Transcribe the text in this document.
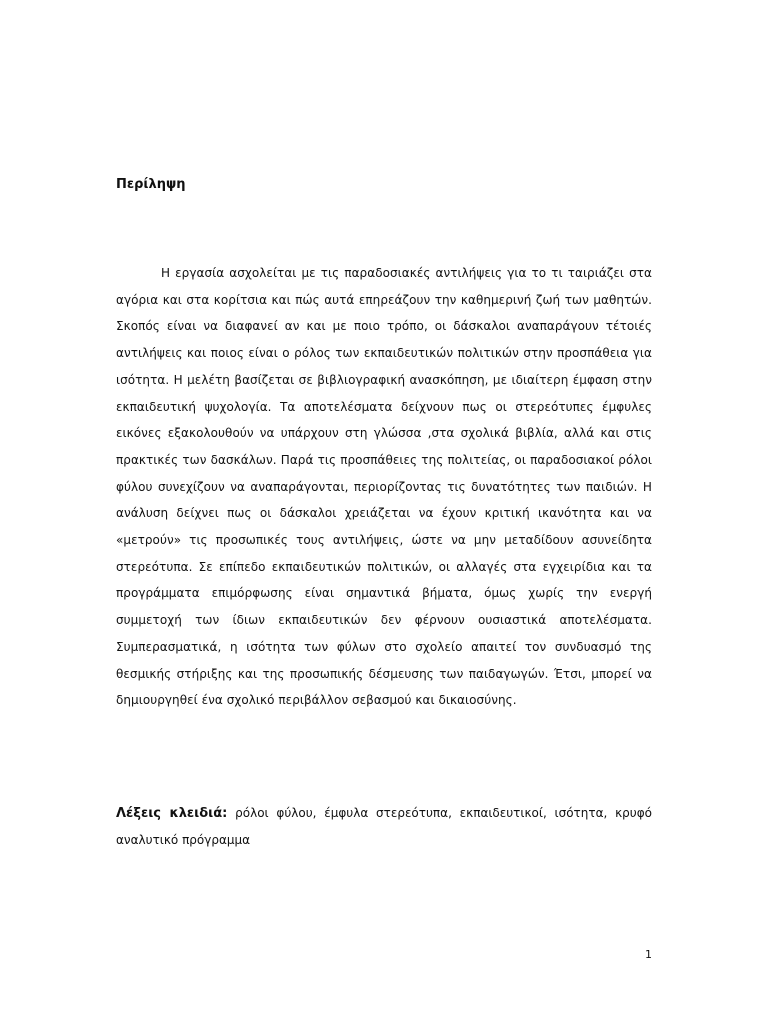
Περίληψη

Η εργασία ασχολείται με τις παραδοσιακές αντιλήψεις για το τι ταιριάζει στα αγόρια και στα κορίτσια και πώς αυτά επηρεάζουν την καθημερινή ζωή των μαθητών. Σκοπός είναι να διαφανεί αν και με ποιο τρόπο, οι δάσκαλοι αναπαράγουν τέτοιές αντιλήψεις και ποιος είναι ο ρόλος των εκπαιδευτικών πολιτικών στην προσπάθεια για ισότητα. Η μελέτη βασίζεται σε βιβλιογραφική ανασκόπηση, με ιδιαίτερη έμφαση στην εκπαιδευτική ψυχολογία. Τα αποτελέσματα δείχνουν πως οι στερεότυπες έμφυλες εικόνες εξακολουθούν να υπάρχουν στη γλώσσα ,στα σχολικά βιβλία, αλλά και στις πρακτικές των δασκάλων. Παρά τις προσπάθειες της πολιτείας, οι παραδοσιακοί ρόλοι φύλου συνεχίζουν να αναπαράγονται, περιορίζοντας τις δυνατότητες των παιδιών. Η ανάλυση δείχνει πως οι δάσκαλοι χρειάζεται να έχουν κριτική ικανότητα και να «μετρούν» τις προσωπικές τους αντιλήψεις, ώστε να μην μεταδίδουν ασυνείδητα στερεότυπα. Σε επίπεδο εκπαιδευτικών πολιτικών, οι αλλαγές στα εγχειρίδια και τα προγράμματα επιμόρφωσης είναι σημαντικά βήματα, όμως χωρίς την ενεργή συμμετοχή των ίδιων εκπαιδευτικών δεν φέρνουν ουσιαστικά αποτελέσματα. Συμπερασματικά, η ισότητα των φύλων στο σχολείο απαιτεί τον συνδυασμό της θεσμικής στήριξης και της προσωπικής δέσμευσης των παιδαγωγών. Έτσι, μπορεί να δημιουργηθεί ένα σχολικό περιβάλλον σεβασμού και δικαιοσύνης.

Λέξεις κλειδιά: ρόλοι φύλου, έμφυλα στερεότυπα, εκπαιδευτικοί, ισότητα, κρυφό αναλυτικό πρόγραμμα

1
